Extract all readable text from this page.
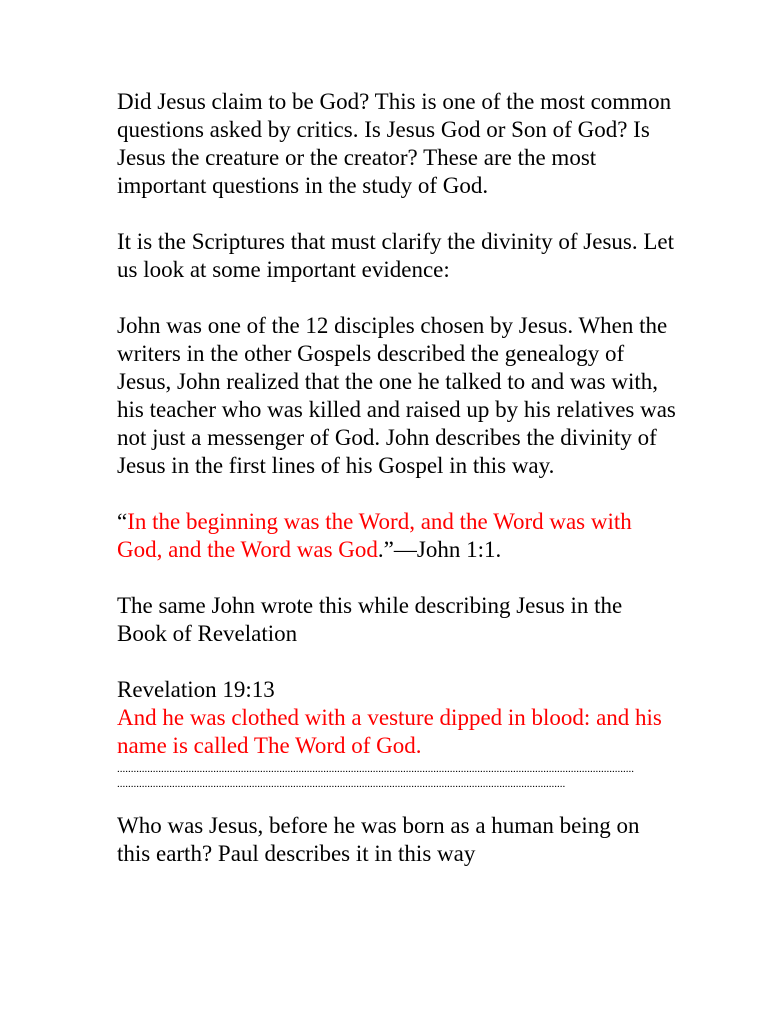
Did Jesus claim to be God? This is one of the most common questions asked by critics. Is Jesus God or Son of God? Is Jesus the creature or the creator? These are the most important questions in the study of God.

It is the Scriptures that must clarify the divinity of Jesus. Let us look at some important evidence:

John was one of the 12 disciples chosen by Jesus. When the writers in the other Gospels described the genealogy of Jesus, John realized that the one he talked to and was with, his teacher who was killed and raised up by his relatives was not just a messenger of God. John describes the divinity of Jesus in the first lines of his Gospel in this way.

“In the beginning was the Word, and the Word was with God, and the Word was God.”—John 1:1.

The same John wrote this while describing Jesus in the Book of Revelation

Revelation 19:13

And he was clothed with a vesture dipped in blood: and his name is called The Word of God.

............................................................................................................................................................................................
...................................................................................................................................................................

Who was Jesus, before he was born as a human being on this earth? Paul describes it in this way
